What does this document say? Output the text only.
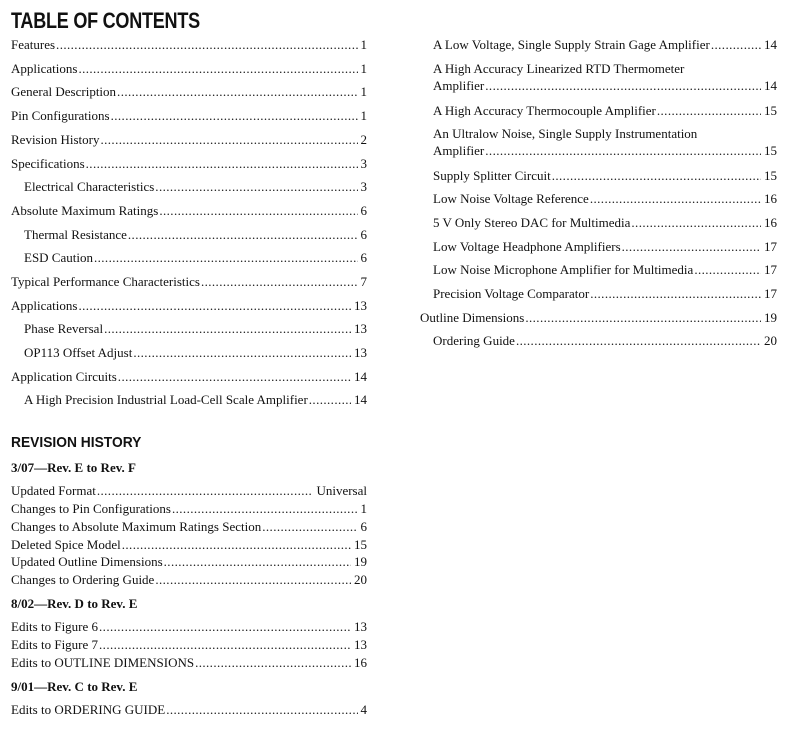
TABLE OF CONTENTS
Features .....	1
Applications .....	1
General Description .....	1
Pin Configurations .....	1
Revision History .....	2
Specifications .....	3
Electrical Characteristics .....	3
Absolute Maximum Ratings .....	6
Thermal Resistance .....	6
ESD Caution .....	6
Typical Performance Characteristics .....	7
Applications .....	13
Phase Reversal .....	13
OP113 Offset Adjust .....	13
Application Circuits .....	14
A High Precision Industrial Load-Cell Scale Amplifier .....	14
A Low Voltage, Single Supply Strain Gage Amplifier .....	14
A High Accuracy Linearized RTD Thermometer
Amplifier .....	14
A High Accuracy Thermocouple Amplifier .....	15
An Ultralow Noise, Single Supply Instrumentation
Amplifier .....	15
Supply Splitter Circuit .....	15
Low Noise Voltage Reference .....	16
5 V Only Stereo DAC for Multimedia .....	16
Low Voltage Headphone Amplifiers .....	17
Low Noise Microphone Amplifier for Multimedia .....	17
Precision Voltage Comparator .....	17
Outline Dimensions .....	19
Ordering Guide .....	20
REVISION HISTORY
3/07—Rev. E to Rev. F
Updated Format .....	Universal
Changes to Pin Configurations .....	1
Changes to Absolute Maximum Ratings Section .....	6
Deleted Spice Model .....	15
Updated Outline Dimensions .....	19
Changes to Ordering Guide .....	20
8/02—Rev. D to Rev. E
Edits to Figure 6 .....	13
Edits to Figure 7 .....	13
Edits to OUTLINE DIMENSIONS .....	16
9/01—Rev. C to Rev. E
Edits to ORDERING GUIDE .....	4
